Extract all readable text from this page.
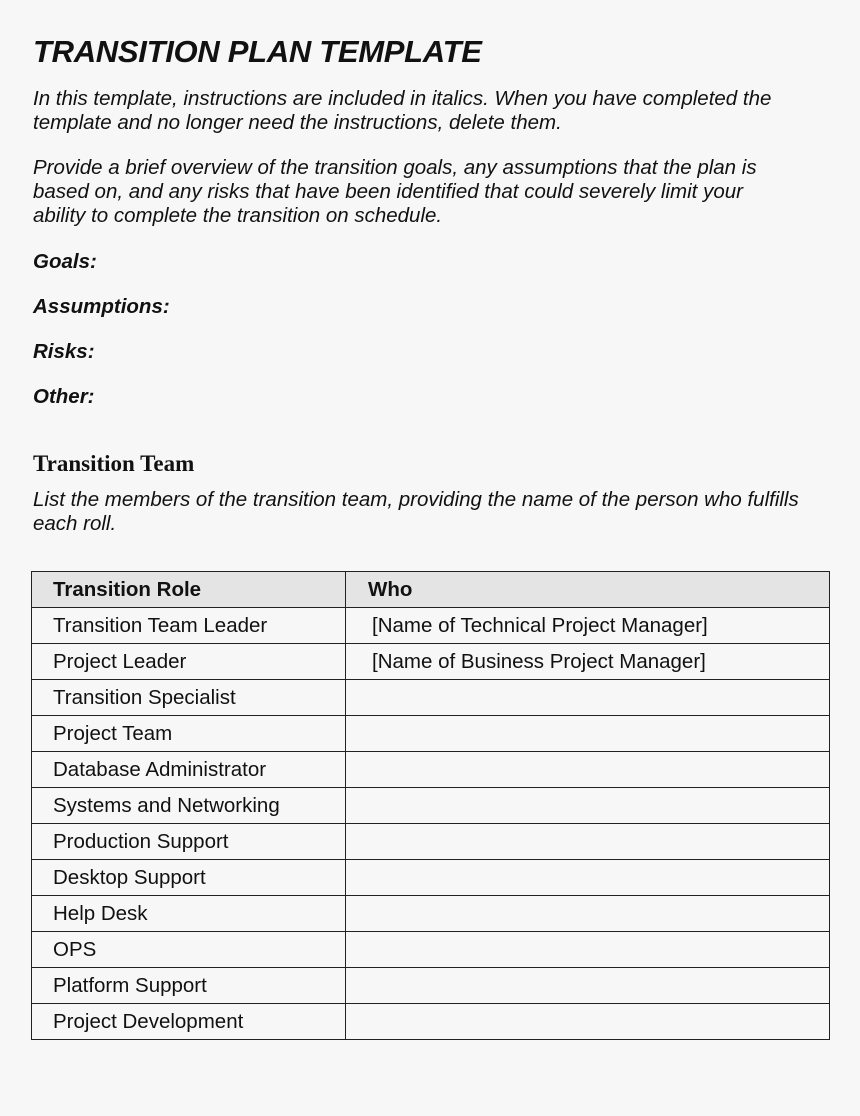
TRANSITION PLAN TEMPLATE

In this template, instructions are included in italics. When you have completed the template and no longer need the instructions, delete them.

Provide a brief overview of the transition goals, any assumptions that the plan is based on, and any risks that have been identified that could severely limit your ability to complete the transition on schedule.

Goals:

Assumptions:

Risks:

Other:

Transition Team

List the members of the transition team, providing the name of the person who fulfills each roll.

Transition Role	Who
Transition Team Leader	[Name of Technical Project Manager]
Project Leader	[Name of Business Project Manager]
Transition Specialist	
Project Team	
Database Administrator	
Systems and Networking	
Production Support	
Desktop Support	
Help Desk	
OPS	
Platform Support	
Project Development	
